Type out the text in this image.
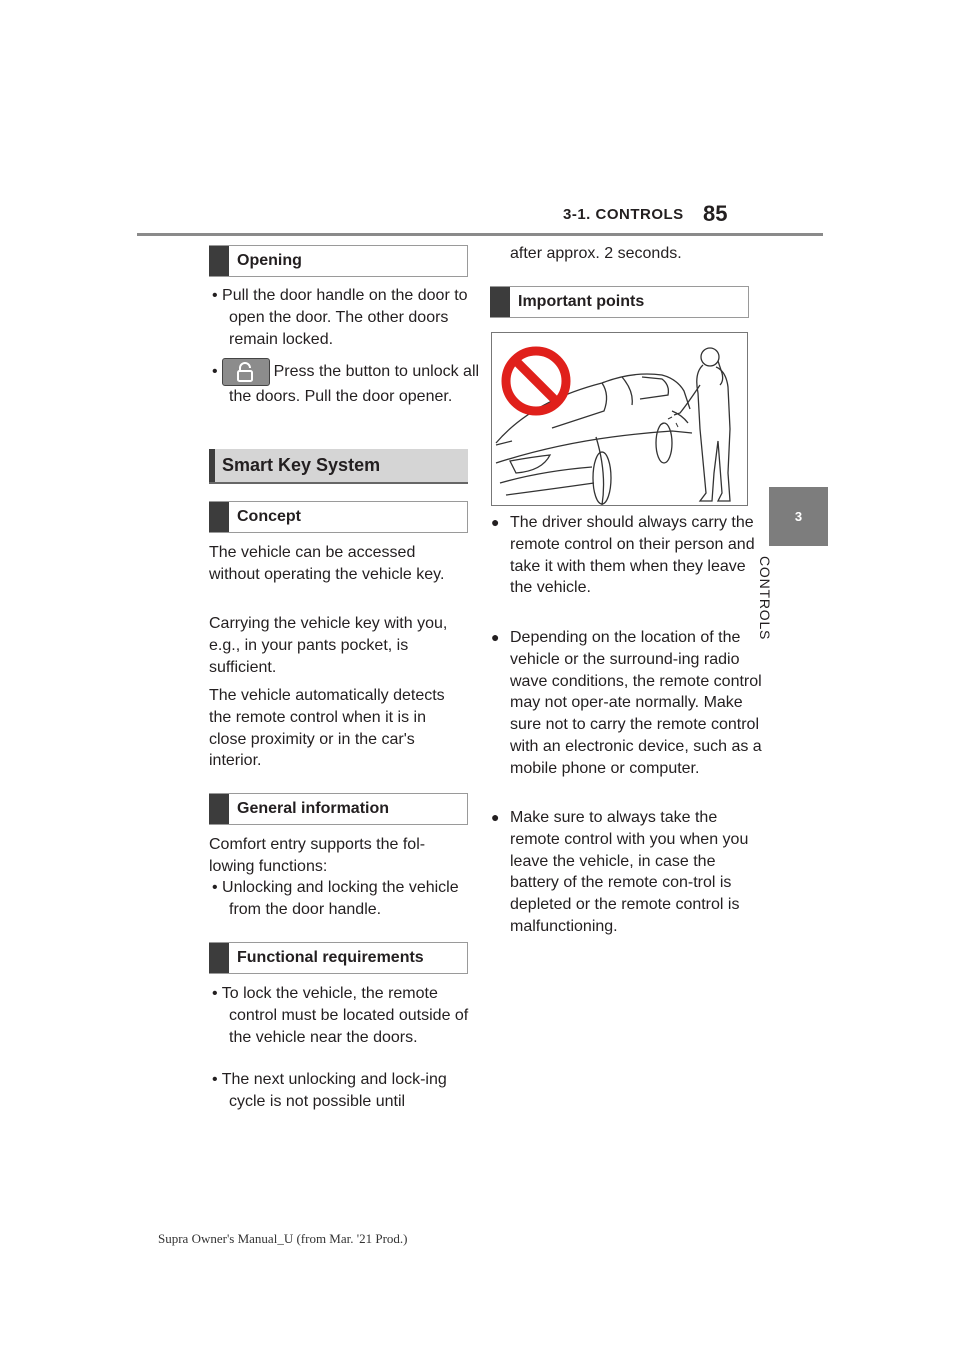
3-1. CONTROLS 85
3
CONTROLS
Opening
• Pull the door handle on the door to open the door. The other doors remain locked.
•	Press the button to unlock all the doors. Pull the door opener.
Smart Key System
Concept
The vehicle can be accessed without operating the vehicle key.
Carrying the vehicle key with you, e.g., in your pants pocket, is sufficient.
The vehicle automatically detects the remote control when it is in close proximity or in the car's interior.
General information
Comfort entry supports the fol-lowing functions:
• Unlocking and locking the vehicle from the door handle.
Functional requirements
• To lock the vehicle, the remote control must be located outside of the vehicle near the doors.
• The next unlocking and lock-ing cycle is not possible until
after approx. 2 seconds.
Important points
● The driver should always carry the remote control on their person and take it with them when they leave the vehicle.
● Depending on the location of the vehicle or the surround-ing radio wave conditions, the remote control may not oper-ate normally. Make sure not to carry the remote control with an electronic device, such as a mobile phone or computer.
● Make sure to always take the remote control with you when you leave the vehicle, in case the battery of the remote con-trol is depleted or the remote control is malfunctioning.
Supra Owner's Manual_U (from Mar. '21 Prod.)
